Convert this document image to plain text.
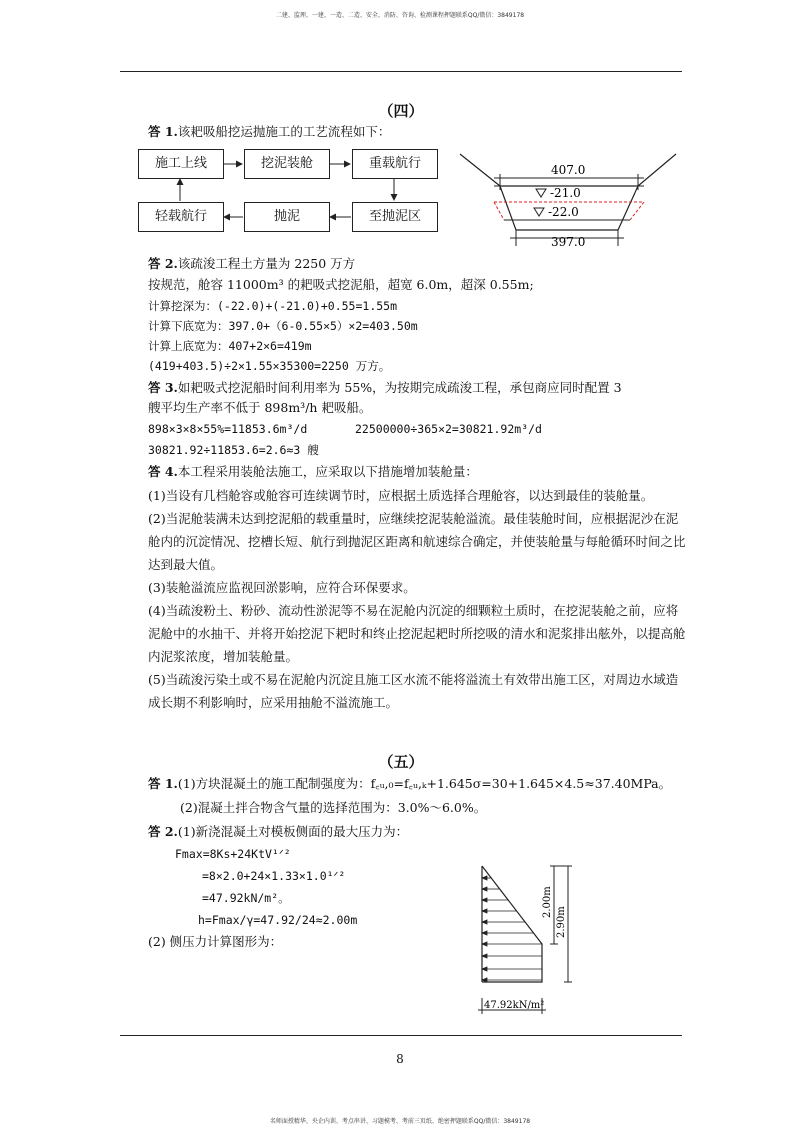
二建、监理、一建、一造、二造、安全、消防、咨询、检测课程押题联系QQ/微信：3849178
（四）
答 1.该耙吸船挖运抛施工的工艺流程如下：
施工上线	挖泥装舱	重载航行
至抛泥区
抛泥
轻载航行
407.0
-21.0
-22.0
397.0
答 2.该疏浚工程土方量为 2250 万方
按规范，舱容 11000m³ 的耙吸式挖泥船，超宽 6.0m，超深 0.55m;
计算挖深为：(-22.0)+(-21.0)+0.55=1.55m
计算下底宽为：397.0+（6-0.55×5）×2=403.50m
计算上底宽为：407+2×6=419m
(419+403.5)÷2×1.55×35300=2250 万方。
答 3.如耙吸式挖泥船时间利用率为 55%，为按期完成疏浚工程，承包商应同时配置 3
艘平均生产率不低于 898m³/h 耙吸船。
898×3×8×55%=11853.6m³/d	22500000÷365×2=30821.92m³/d
30821.92÷11853.6=2.6≈3 艘
答 4.本工程采用装舱法施工，应采取以下措施增加装舱量：
(1)当设有几档舱容或舱容可连续调节时，应根据土质选择合理舱容，以达到最佳的装舱量。
(2)当泥舱装满未达到挖泥船的载重量时，应继续挖泥装舱溢流。最佳装舱时间，应根据泥沙在泥舱内的沉淀情况、挖槽长短、航行到抛泥区距离和航速综合确定，并使装舱量与每舱循环时间之比达到最大值。
(3)装舱溢流应监视回淤影响，应符合环保要求。
(4)当疏浚粉土、粉砂、流动性淤泥等不易在泥舱内沉淀的细颗粒土质时，在挖泥装舱之前，应将泥舱中的水抽干、并将开始挖泥下耙时和终止挖泥起耙时所挖吸的清水和泥浆排出舷外，以提高舱内泥浆浓度，增加装舱量。
(5)当疏浚污染土或不易在泥舱内沉淀且施工区水流不能将溢流土有效带出施工区，对周边水域造成长期不利影响时，应采用抽舱不溢流施工。
（五）
答 1.(1)方块混凝土的施工配制强度为：f꜀ᵤ,₀=f꜀ᵤ,ₖ+1.645σ=30+1.645×4.5≈37.40MPa。
(2)混凝土拌合物含气量的选择范围为：3.0%～6.0%。
答 2.(1)新浇混凝土对模板侧面的最大压力为：
Fmax=8Ks+24KtV¹ᐟ²
=8×2.0+24×1.33×1.0¹ᐟ²
=47.92kN/m²。
h=Fmax/γ=47.92/24≈2.00m
(2) 侧压力计算图形为：
2.00m
2.90m
47.92kN/m²
8
名师面授精华、央企内训、考点串讲、习题模考、考前三页纸、绝密押题联系QQ/微信：3849178
